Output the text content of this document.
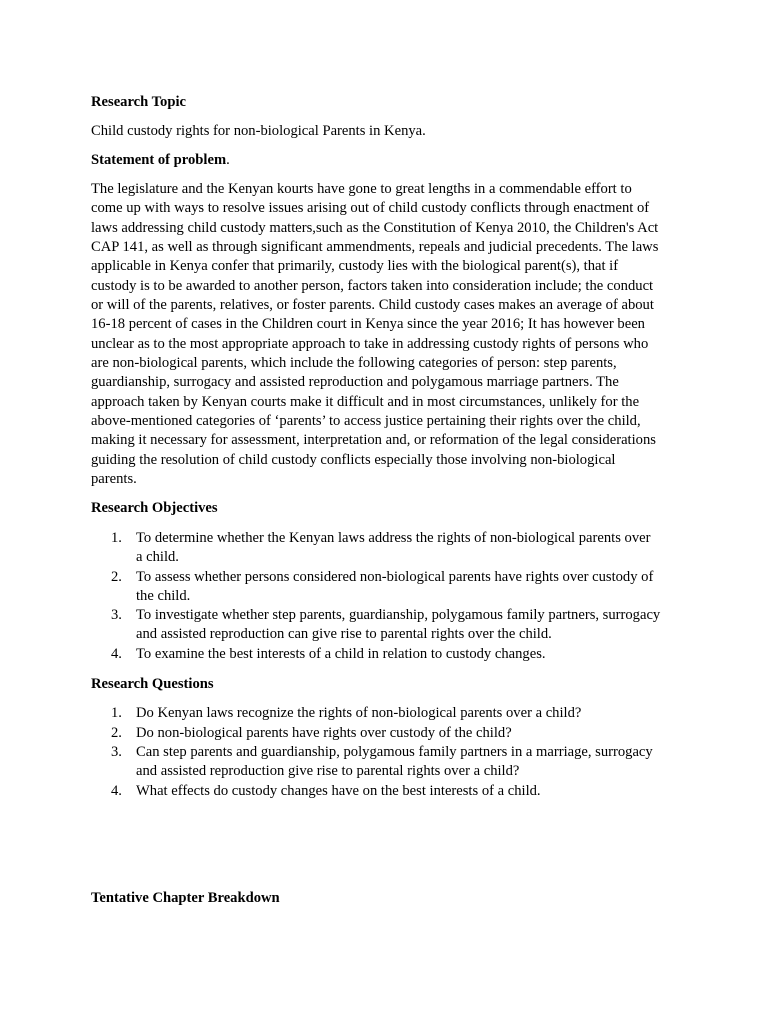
Research Topic
Child custody rights for non-biological Parents in Kenya.
Statement of problem.
The legislature and the Kenyan kourts have gone to great lengths in a commendable effort to
come up with ways to resolve issues arising out of child custody conflicts through enactment of
laws addressing child custody matters,such as the Constitution of Kenya 2010, the Children's Act
CAP 141, as well as through significant ammendments, repeals and judicial precedents. The laws
applicable in Kenya confer that primarily, custody lies with the biological parent(s), that if
custody is to be awarded to another person, factors taken into consideration include; the conduct
or will of the parents, relatives, or foster parents. Child custody cases makes an average of about
16-18 percent of cases in the Children court in Kenya since the year 2016; It has however been
unclear as to the most appropriate approach to take in addressing custody rights of persons who
are non-biological parents, which include the following categories of person: step parents,
guardianship, surrogacy and assisted reproduction and polygamous marriage partners. The
approach taken by Kenyan courts make it difficult and in most circumstances, unlikely for the
above-mentioned categories of ‘parents’ to access justice pertaining their rights over the child,
making it necessary for assessment, interpretation and, or reformation of the legal considerations
guiding the resolution of child custody conflicts especially those involving non-biological
parents.
Research Objectives
1. To determine whether the Kenyan laws address the rights of non-biological parents over
a child.
2. To assess whether persons considered non-biological parents have rights over custody of
the child.
3. To investigate whether step parents, guardianship, polygamous family partners, surrogacy
and assisted reproduction can give rise to parental rights over the child.
4. To examine the best interests of a child in relation to custody changes.
Research Questions
1. Do Kenyan laws recognize the rights of non-biological parents over a child?
2. Do non-biological parents have rights over custody of the child?
3. Can step parents and guardianship, polygamous family partners in a marriage, surrogacy
and assisted reproduction give rise to parental rights over a child?
4. What effects do custody changes have on the best interests of a child.
Tentative Chapter Breakdown
